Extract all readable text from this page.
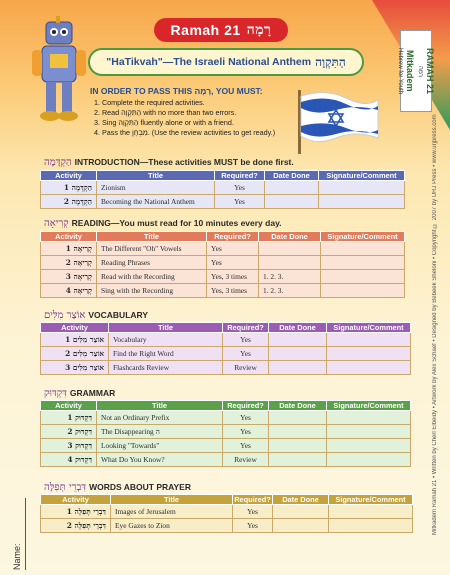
RAMAH 21
רָמָה
Mitkadem
Hebrew for Youth
Ramah 21 רָמָה
"HaTikvah"—The Israeli National Anthem הַתִּקְוָה
IN ORDER TO PASS THIS רָמָה, YOU MUST:
1. Complete the required activities.
2. Read הַתִּקְוָה with no more than two errors.
3. Sing הַתִּקְוָה fluently alone or with a friend.
4. Pass the מִבְחָן. (Use the review activities to get ready.)
הַקְדָּמָה INTRODUCTION—These activities MUST be done first.
Activity	Title	Required?	Date Done	Signature/Comment
הַקְדָּמָה 1	Zionism	Yes		
הַקְדָּמָה 2	Becoming the National Anthem	Yes		
קְרִיאָה READING—You must read for 10 minutes every day.
Activity	Title	Required?	Date Done	Signature/Comment
קְרִיאָה 1	The Different "Oh" Vowels	Yes		
קְרִיאָה 2	Reading Phrases	Yes		
קְרִיאָה 3	Read with the Recording	Yes, 3 times	1. 2. 3.	
קְרִיאָה 4	Sing with the Recording	Yes, 3 times	1. 2. 3.	
אוֹצַר מִלִּים VOCABULARY
Activity	Title	Required?	Date Done	Signature/Comment
אוֹצַר מִלִּים 1	Vocabulary	Yes		
אוֹצַר מִלִּים 2	Find the Right Word	Yes		
אוֹצַר מִלִּים 3	Flashcards Review	Review		
דִּקְדּוּק GRAMMAR
Activity	Title	Required?	Date Done	Signature/Comment
דִּקְדּוּק 1	Not an Ordinary Prefix	Yes		
דִּקְדּוּק 2	The Disappearing ה	Yes		
דִּקְדּוּק 3	Looking "Towards"	Yes		
דִּקְדּוּק 4	What Do You Know?	Review		
דִּבְרֵי תְּפִלָּה WORDS ABOUT PRAYER
Activity	Title	Required?	Date Done	Signature/Comment
דִּבְרֵי תְּפִלָּה 1	Images of Jerusalem	Yes		
דִּבְרֵי תְּפִלָּה 2	Eye Gazes to Zion	Yes		
Name:
Mitkadem Ramah 21 • Written by Cherl Elbeidy • Artwork by Alex Schaef • Designed by Bebeek Sheloni • Copyright © 2007 by URJ Press • www.urjpress.com
